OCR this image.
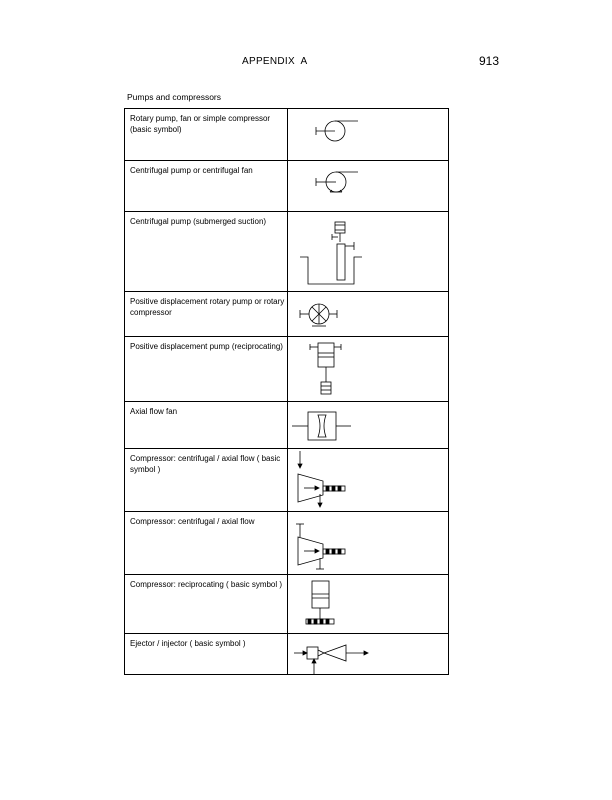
APPENDIX A	913
Pumps and compressors
Rotary pump, fan or simple compressor (basic symbol)
Centrifugal pump or centrifugal fan
Centrifugal pump (submerged suction)
Positive displacement rotary pump or rotary compressor
Positive displacement pump (reciprocating)
Axial flow fan
Compressor: centrifugal / axial flow ( basic symbol )
Compressor: centrifugal / axial flow
Compressor: reciprocating ( basic symbol )
Ejector / injector ( basic symbol )
